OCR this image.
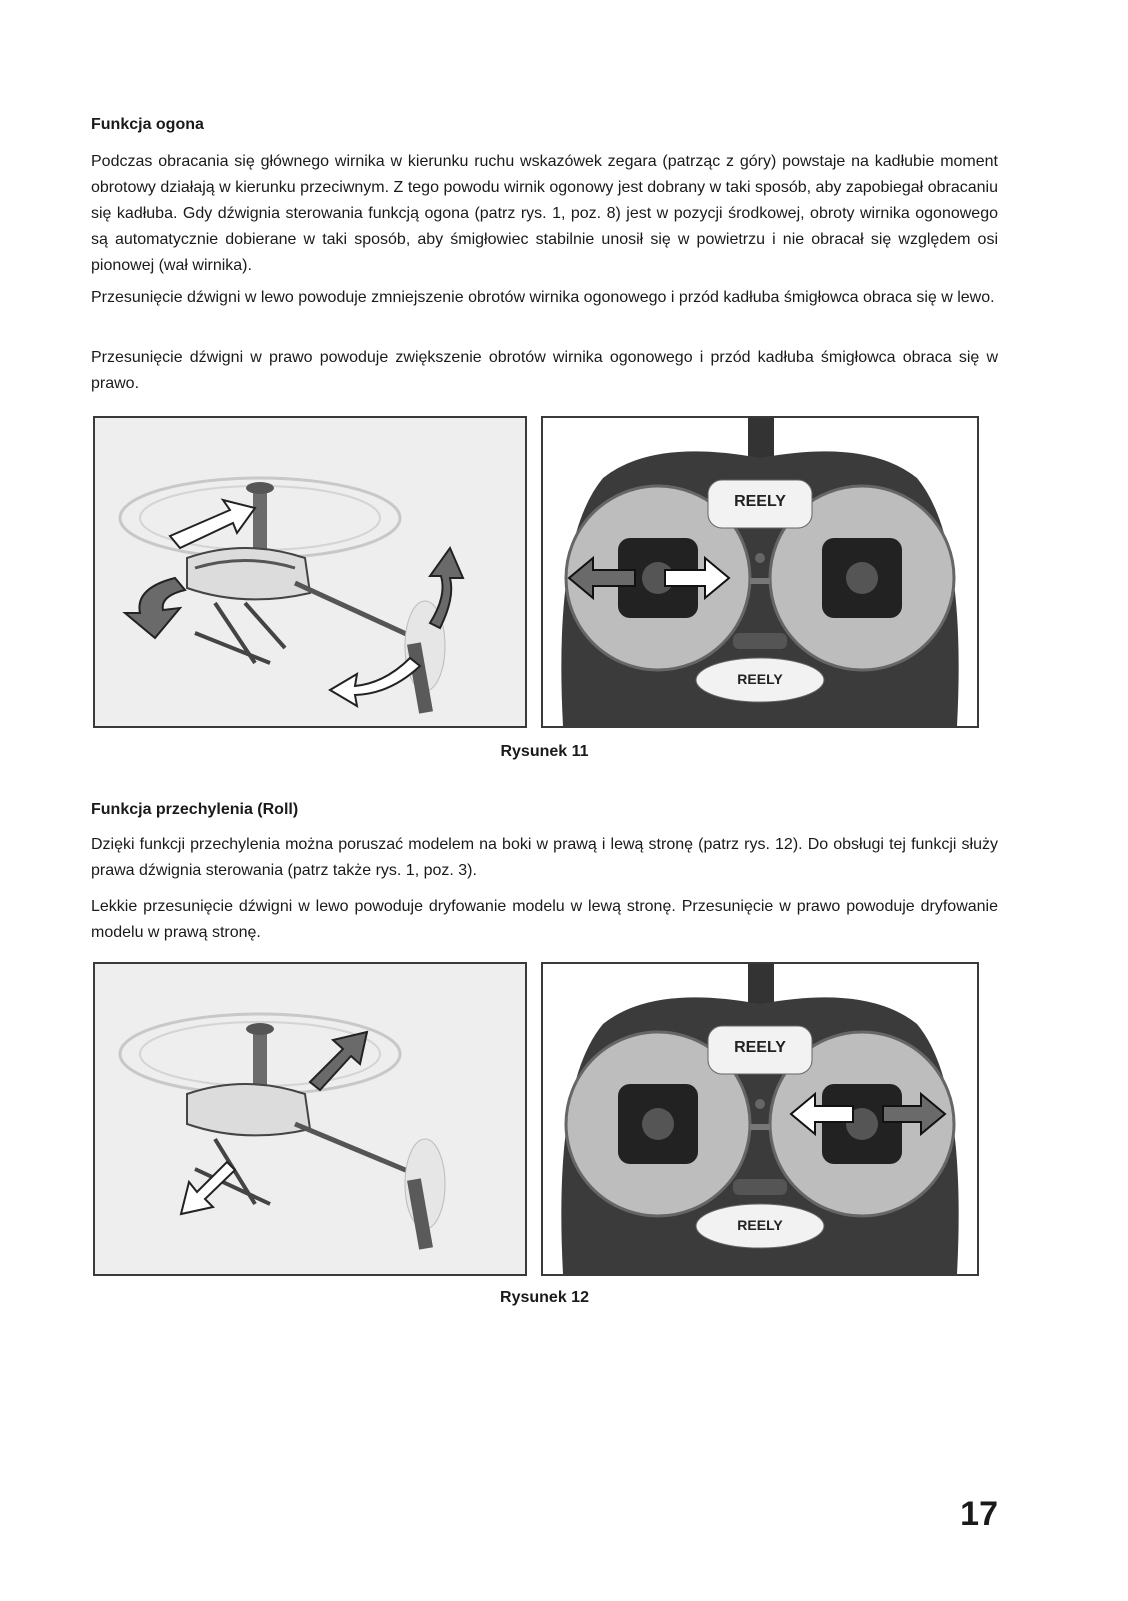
Funkcja ogona

Podczas obracania się głównego wirnika w kierunku ruchu wskazówek zegara (patrząc z góry) powstaje na kadłubie moment obrotowy działają w kierunku przeciwnym. Z tego powodu wirnik ogonowy jest dobrany w taki sposób, aby zapobiegał obracaniu się kadłuba. Gdy dźwignia sterowania funkcją ogona (patrz rys. 1, poz. 8) jest w pozycji środkowej, obroty wirnika ogonowego są automatycznie dobierane w taki sposób, aby śmigłowiec stabilnie unosił się w powietrzu i nie obracał się względem osi pionowej (wał wirnika).

Przesunięcie dźwigni w lewo powoduje zmniejszenie obrotów wirnika ogonowego i przód kadłuba śmigłowca obraca się w lewo.

Przesunięcie dźwigni w prawo powoduje zwiększenie obrotów wirnika ogonowego i przód kadłuba śmigłowca obraca się w prawo.

REELY
REELY
Rysunek 11
Funkcja przechylenia (Roll)

Dzięki funkcji przechylenia można poruszać modelem na boki w prawą i lewą stronę (patrz rys. 12). Do obsługi tej funkcji służy prawa dźwignia sterowania (patrz także rys. 1, poz. 3).

Lekkie przesunięcie dźwigni w lewo powoduje dryfowanie modelu w lewą stronę. Przesunięcie w prawo powoduje dryfowanie modelu w prawą stronę.

REELY
REELY
Rysunek 12
17
